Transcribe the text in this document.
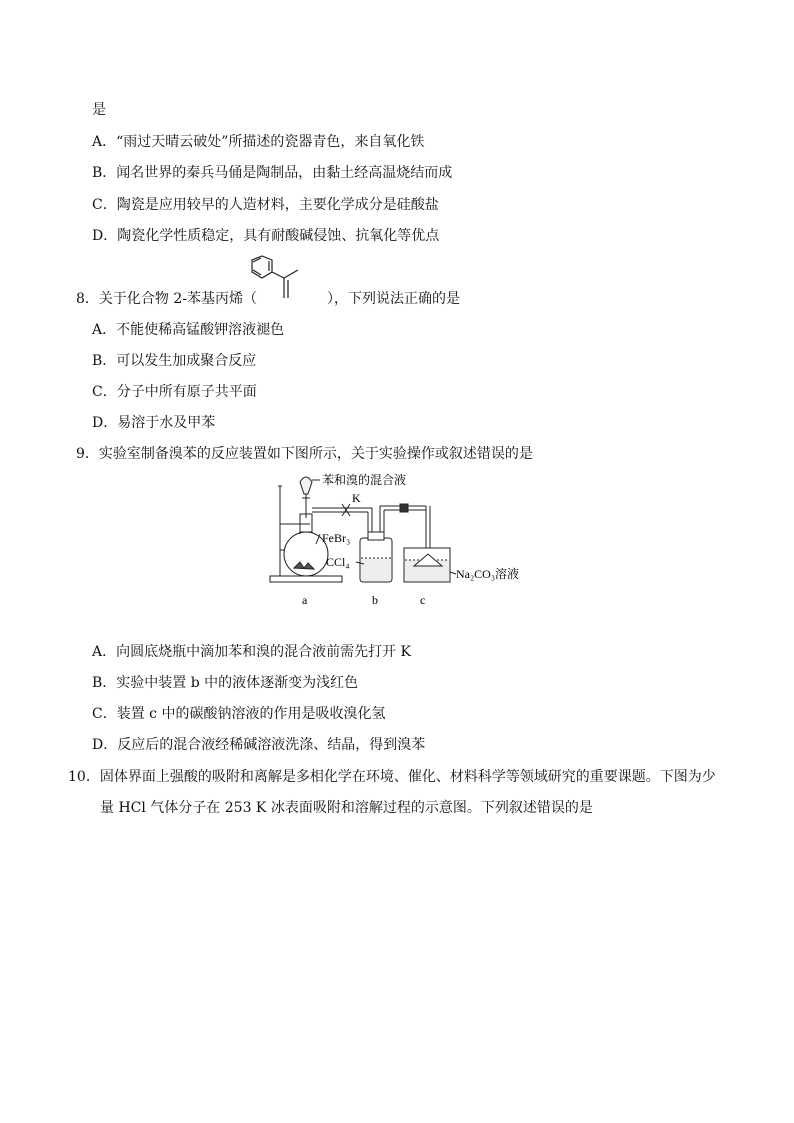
是
A．“雨过天晴云破处”所描述的瓷器青色，来自氧化铁
B．闻名世界的秦兵马俑是陶制品，由黏土经高温烧结而成
C．陶瓷是应用较早的人造材料，主要化学成分是硅酸盐
D．陶瓷化学性质稳定，具有耐酸碱侵蚀、抗氧化等优点
8．关于化合物 2-苯基丙烯（	），下列说法正确的是
A．不能使稀高锰酸钾溶液褪色
B．可以发生加成聚合反应
C．分子中所有原子共平面
D．易溶于水及甲苯
9．实验室制备溴苯的反应装置如下图所示，关于实验操作或叙述错误的是
苯和溴的混合液
K
FeBr₃
CCl₄
Na₂CO₃溶液
a	b	c
A．向圆底烧瓶中滴加苯和溴的混合液前需先打开 K
B．实验中装置 b 中的液体逐渐变为浅红色
C．装置 c 中的碳酸钠溶液的作用是吸收溴化氢
D．反应后的混合液经稀碱溶液洗涤、结晶，得到溴苯
10．固体界面上强酸的吸附和离解是多相化学在环境、催化、材料科学等领域研究的重要课题。下图为少
量 HCl 气体分子在 253 K 冰表面吸附和溶解过程的示意图。下列叙述错误的是
